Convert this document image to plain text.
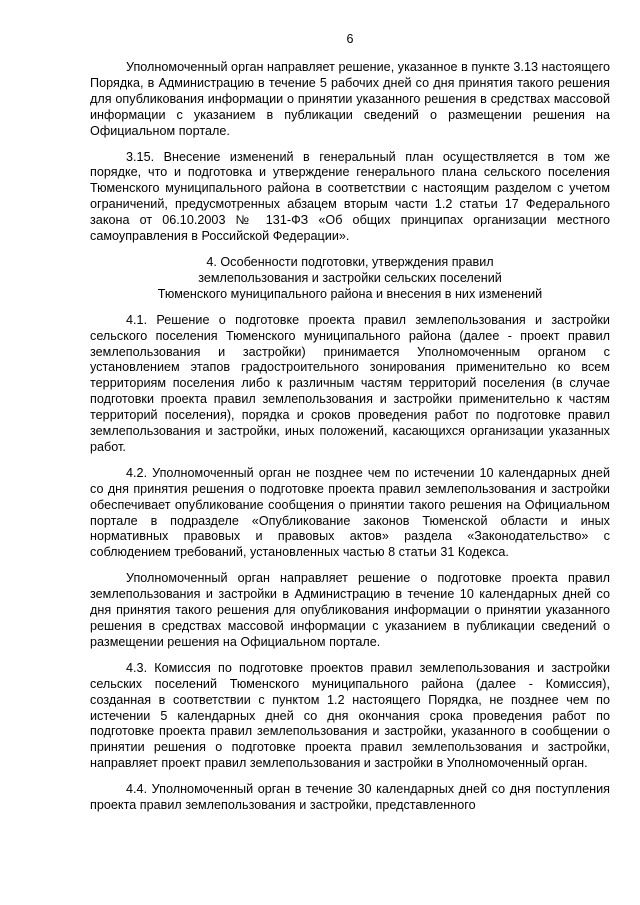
6

Уполномоченный орган направляет решение, указанное в пункте 3.13 настоящего Порядка, в Администрацию в течение 5 рабочих дней со дня принятия такого решения для опубликования информации о принятии указанного решения в средствах массовой информации с указанием в публикации сведений о размещении решения на Официальном портале.

3.15. Внесение изменений в генеральный план осуществляется в том же порядке, что и подготовка и утверждение генерального плана сельского поселения Тюменского муниципального района в соответствии с настоящим разделом с учетом ограничений, предусмотренных абзацем вторым части 1.2 статьи 17 Федерального закона от 06.10.2003 № 131-ФЗ «Об общих принципах организации местного самоуправления в Российской Федерации».

4. Особенности подготовки, утверждения правил
землепользования и застройки сельских поселений
Тюменского муниципального района и внесения в них изменений

4.1. Решение о подготовке проекта правил землепользования и застройки сельского поселения Тюменского муниципального района (далее - проект правил землепользования и застройки) принимается Уполномоченным органом с установлением этапов градостроительного зонирования применительно ко всем территориям поселения либо к различным частям территорий поселения (в случае подготовки проекта правил землепользования и застройки применительно к частям территорий поселения), порядка и сроков проведения работ по подготовке правил землепользования и застройки, иных положений, касающихся организации указанных работ.

4.2. Уполномоченный орган не позднее чем по истечении 10 календарных дней со дня принятия решения о подготовке проекта правил землепользования и застройки обеспечивает опубликование сообщения о принятии такого решения на Официальном портале в подразделе «Опубликование законов Тюменской области и иных нормативных правовых и правовых актов» раздела «Законодательство» с соблюдением требований, установленных частью 8 статьи 31 Кодекса.

Уполномоченный орган направляет решение о подготовке проекта правил землепользования и застройки в Администрацию в течение 10 календарных дней со дня принятия такого решения для опубликования информации о принятии указанного решения в средствах массовой информации с указанием в публикации сведений о размещении решения на Официальном портале.

4.3. Комиссия по подготовке проектов правил землепользования и застройки сельских поселений Тюменского муниципального района (далее - Комиссия), созданная в соответствии с пунктом 1.2 настоящего Порядка, не позднее чем по истечении 5 календарных дней со дня окончания срока проведения работ по подготовке проекта правил землепользования и застройки, указанного в сообщении о принятии решения о подготовке проекта правил землепользования и застройки, направляет проект правил землепользования и застройки в Уполномоченный орган.

4.4. Уполномоченный орган в течение 30 календарных дней со дня поступления проекта правил землепользования и застройки, представленного
